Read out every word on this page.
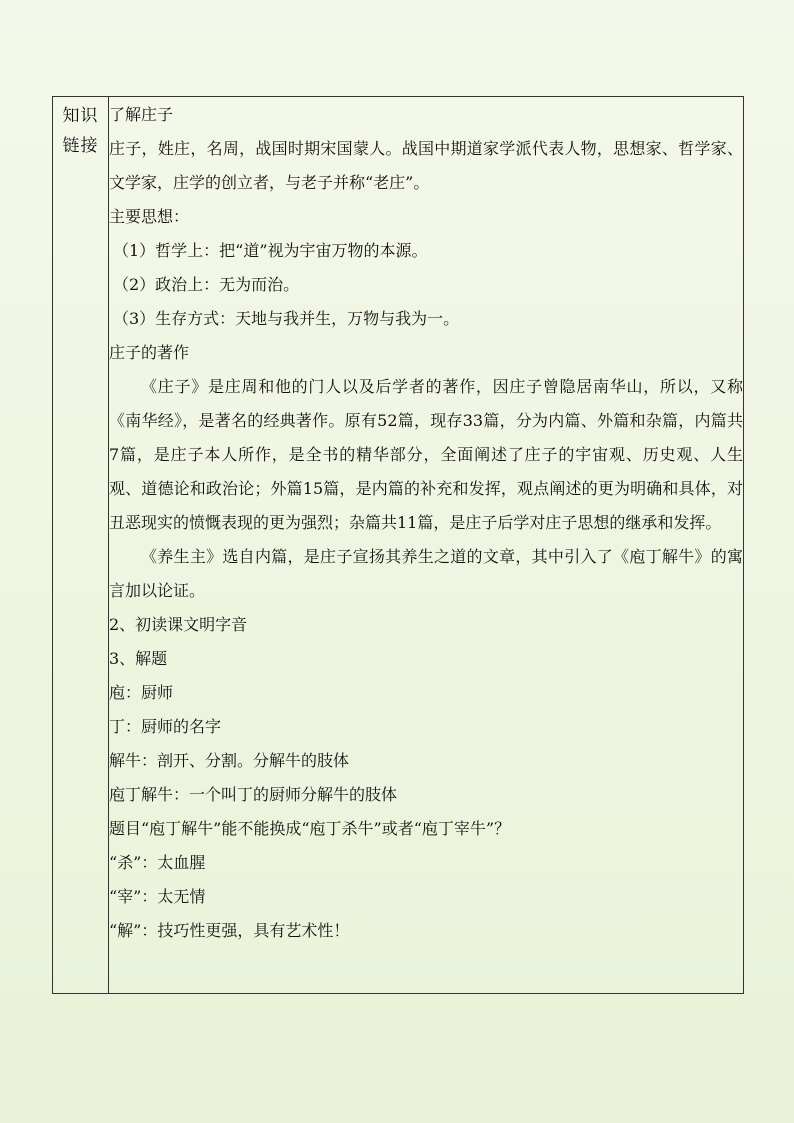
知识
链接

了解庄子

庄子，姓庄，名周，战国时期宋国蒙人。战国中期道家学派代表人物，思想家、哲学家、文学家，庄学的创立者，与老子并称“老庄”。

主要思想：
（1）哲学上：把“道”视为宇宙万物的本源。
（2）政治上：无为而治。
（3）生存方式：天地与我并生，万物与我为一。
庄子的著作

《庄子》是庄周和他的门人以及后学者的著作，因庄子曾隐居南华山，所以，又称《南华经》，是著名的经典著作。原有52篇，现存33篇，分为内篇、外篇和杂篇，内篇共7篇，是庄子本人所作，是全书的精华部分，全面阐述了庄子的宇宙观、历史观、人生观、道德论和政治论；外篇15篇，是内篇的补充和发挥，观点阐述的更为明确和具体，对丑恶现实的愤慨表现的更为强烈；杂篇共11篇，是庄子后学对庄子思想的继承和发挥。

《养生主》选自内篇，是庄子宣扬其养生之道的文章，其中引入了《庖丁解牛》的寓言加以论证。

2、初读课文明字音
3、解题
庖：厨师
丁：厨师的名字
解牛：剖开、分割。分解牛的肢体
庖丁解牛：一个叫丁的厨师分解牛的肢体
题目“庖丁解牛”能不能换成“庖丁杀牛”或者“庖丁宰牛”？
“杀”：太血腥
“宰”：太无情
“解”：技巧性更强，具有艺术性！
